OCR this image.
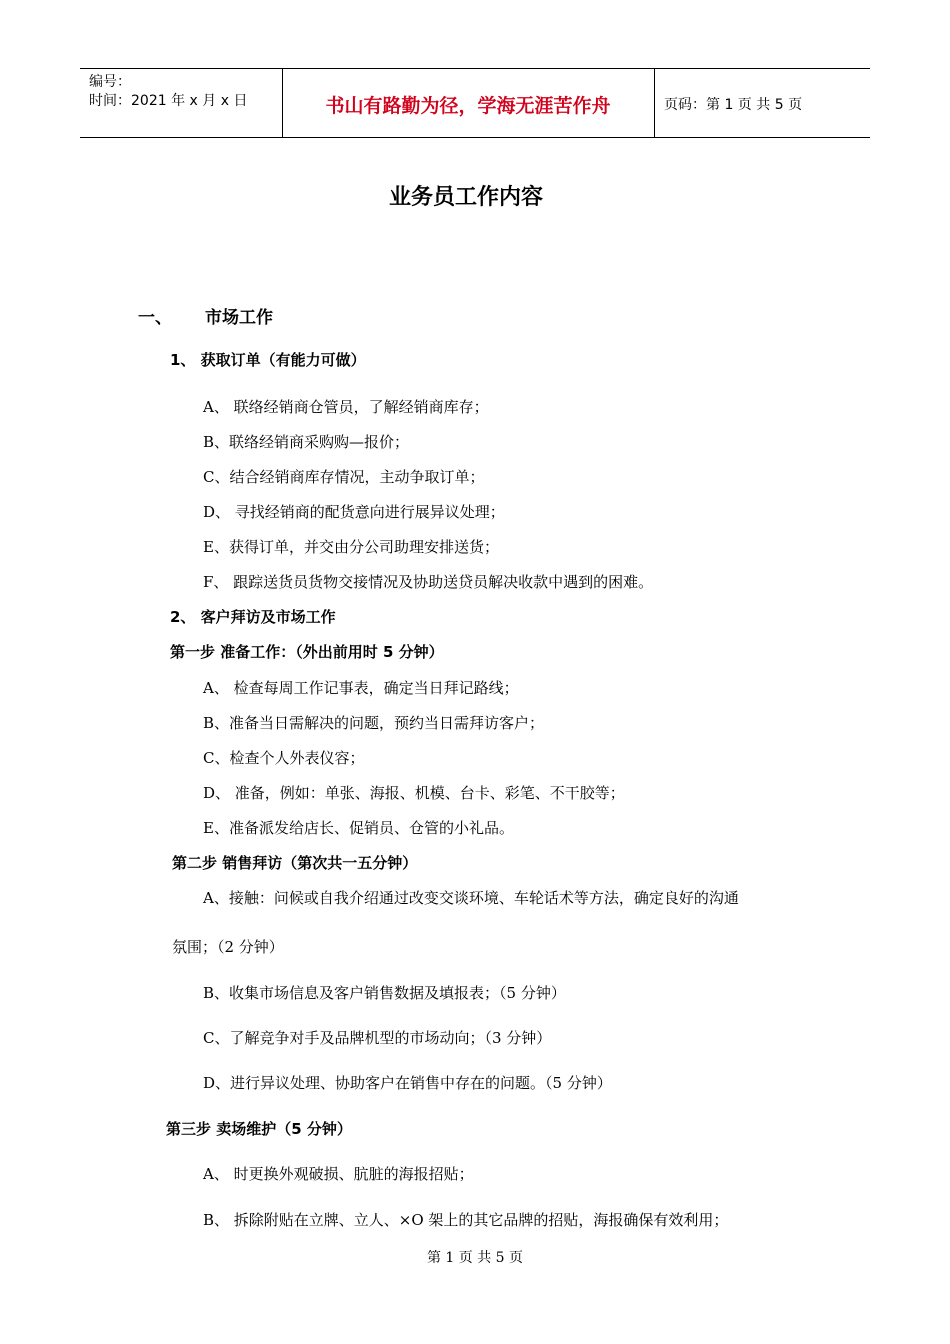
编号：
时间：2021 年 x 月 x 日	书山有路勤为径，学海无涯苦作舟	页码：第 1 页 共 5 页
业务员工作内容
一、 市场工作
1、 获取订单（有能力可做）
A、 联络经销商仓管员，了解经销商库存；
B、联络经销商采购购—报价；
C、结合经销商库存情况，主动争取订单；
D、 寻找经销商的配货意向进行展异议处理；
E、获得订单，并交由分公司助理安排送货；
F、 跟踪送货员货物交接情况及协助送贷员解决收款中遇到的困难。
2、 客户拜访及市场工作
第一步 准备工作：（外出前用时 5 分钟）
A、 检查每周工作记事表，确定当日拜记路线；
B、准备当日需解决的问题，预约当日需拜访客户；
C、检查个人外表仪容；
D、 准备，例如：单张、海报、机模、台卡、彩笔、不干胶等；
E、准备派发给店长、促销员、仓管的小礼品。
第二步 销售拜访（第次共一五分钟）
A、接触：问候或自我介绍通过改变交谈环境、车轮话术等方法，确定良好的沟通
氛围；（2 分钟）
B、收集市场信息及客户销售数据及填报表；（5 分钟）
C、了解竞争对手及品牌机型的市场动向；（3 分钟）
D、进行异议处理、协助客户在销售中存在的问题。（5 分钟）
第三步 卖场维护（5 分钟）
A、 时更换外观破损、肮脏的海报招贴；
B、 拆除附贴在立牌、立人、×O 架上的其它品牌的招贴，海报确保有效利用；
第 1 页 共 5 页
